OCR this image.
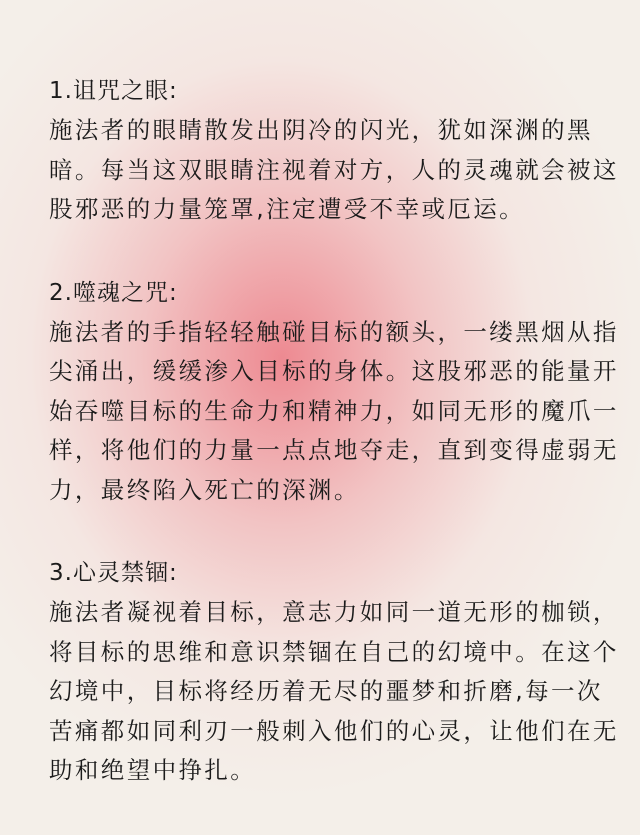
1.诅咒之眼:
施法者的眼睛散发出阴冷的闪光，犹如深渊的黑
暗。每当这双眼睛注视着对方，人的灵魂就会被这
股邪恶的力量笼罩,注定遭受不幸或厄运。
2.噬魂之咒:
施法者的手指轻轻触碰目标的额头，一缕黑烟从指
尖涌出，缓缓渗入目标的身体。这股邪恶的能量开
始吞噬目标的生命力和精神力，如同无形的魔爪一
样，将他们的力量一点点地夺走，直到变得虚弱无
力，最终陷入死亡的深渊。
3.心灵禁锢:
施法者凝视着目标，意志力如同一道无形的枷锁，
将目标的思维和意识禁锢在自己的幻境中。在这个
幻境中，目标将经历着无尽的噩梦和折磨,每一次
苦痛都如同利刃一般刺入他们的心灵，让他们在无
助和绝望中挣扎。
